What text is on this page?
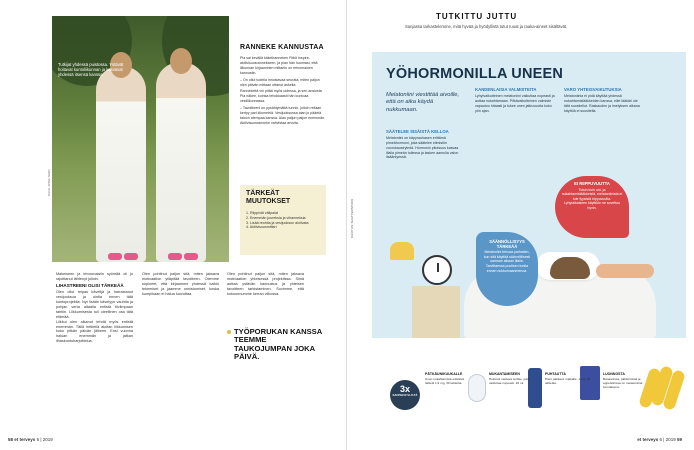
Tutkijat yhdessä puistossa. Ystävät hoitavat kuntoliikunnan ja kasvavat yhdessä itsensä kanssa.
KUVA: ANNA TERO
RANNEKE KANNUSTAA

Pia sai kevällä käkeliranneken Fitbit Inspire-aktiivisuusrannekkeen, ja pian hän huomasi, että liikunnan kirjaaminen mittariin on erinomainen kannustin.

– On ollut todella innostavaa seurata, miten paljon olen päivän mittaan ottanut askelia.

Rannekettä voi pitää myös uidessa, ja sen ansiosta Pia näkee, kuinka tehokkaasti hän kuntoaa vesiliikunnassa.

– Tavoitteeni on pysähtymättä tunnin, jolloin reilaan kertyy pari kilometriä. Vesijuoksussa alan jo pääetä taloon aiempaa kanssa. Alan paljon paljon enemmän. Aktiivisuusranneke vahvistaa arviota.

TÄRKEÄT MUUTOKSET
1. Riippivät välipalat
2. Enemmän juureksia ja vihanneksia
3. Lisää reohtia ja vesijuoksun aloitusta
4. Aktiivisuusmittari

Makeiseen ja leivonnaisiin syömää oli jo rajoittanut lähtenyt jolloin.

LIHASTREENI OLISI TÄRKEÄÄ

Olen ollut reipas kävelijä ja harrastanut vesijuoksua ja uintia ennen tätä kuntoprojektia. Nyt lisään kävelyyn vauhtia ja pohjan verta altaalla entistä tiiviimpaan tahtiin. Liikkumisesta tuli oleellinen osa tätä elämää.

Liikkui olen alkanut tehdä myös entistä enemmän. Tällä hetkellä aloitan liikkumisen koko pitkän päivän jälkeen. Ensi vuonna haluan enemmän ja jatkan lihaskuntoharjoittelua.

Olen pohtinut paljon sitä, miten jaksava motivaation ylläpitää tavoitteen. Olemme sopineet, että kirjaamme yhdessä kaikki tekemiset ja jaamme onnistumiset, koska kumpikaan ei halua luovuttaa.

Olen pohtinut paljon sitä, miten jaksava motivaation yhteisessä projektissa. Siinä auttaa ystävän kannustus ja yhteisen tavoitteen tarkistaminen. Sovimme, että kokoonnumme kerran viikossa.

TYÖPORUKAN KANSSA TEEMME TAUKOJUMPAN JOKA PÄIVÄ.
58 et terveys 6 | 2019
TUTKITTU JUTTU
Sanjassa tarkastelemme, mitä hyvää ja hyödyllistä tutut ruuat ja raaka-aineet sisältävät.
YÖHORMONILLA UNEEN
Melatoniini viestittää aivoille, että on aika käydä nukkumaan.
SÄÄTELEE SISÄISTÄ KELLOA

Melatoniini on käpyrauhasen erittämä pimeähormoni, joka säätelee elimistön vuorokausirytmiä. Hormonin pitoisuus kasvaa illalla pimeän tullessa ja laskee aamulla valon lisääntyessä.

KANDENLAISIA VALMISTEITA

Lyhytvaikutteinen melatoniini vaikuttaa nopeasti ja auttaa nukahtamaan. Pitkävaikutteinen valmiste vapautuu hitaasti ja tukee unen jatkuvuutta koko yön ajan.

VARO YHTEISVAIKUTUKSIA

Melatoniinia ei pidä käyttää yhdessä nukahtamislääkkeiden kanssa, ellei lääkäri ole tätä suositellut. Raskauden ja imetyksen aikana käyttöä ei suositella.

EI RIIPPUVUUTTA

Toisin kuin uni- ja nukahtamislääkkeistä, melatoniinista ei tule fyysistä riippuvuutta. Lyhytaikaiseen käyttöön se soveltuu hyvin.

SÄÄNNÖLLISYYS TÄRKEÄÄ

Melatoniini tehoaa parhaiten, kun sitä käyttää säännöllisesti samaan aikaan illalla. Tarvittaessa puolisen tuntia ennen nukkumaanmenoa.

3x
KAUPAN HYLLYLTÄ
PÄTKÄUNIKUUKALLE

Unen nukahtamista edistävä tabletti 1,9 mg, 30 tablettia.

MUKANTAMISEEN

Helposti otettava suihke, joka vaikuttaa nopeasti. 20 ml.

PUHTAUTTA

Pieni pakkaus matkalle, 1 mg, 60 tablettia.

LUONNOSTA

Banaanissa, pähkinöissä ja appelsiinissa on melatoniinia luontaisena.

et terveys 6 | 2019 59
KUVITUS: SHUTTERSTOCK
